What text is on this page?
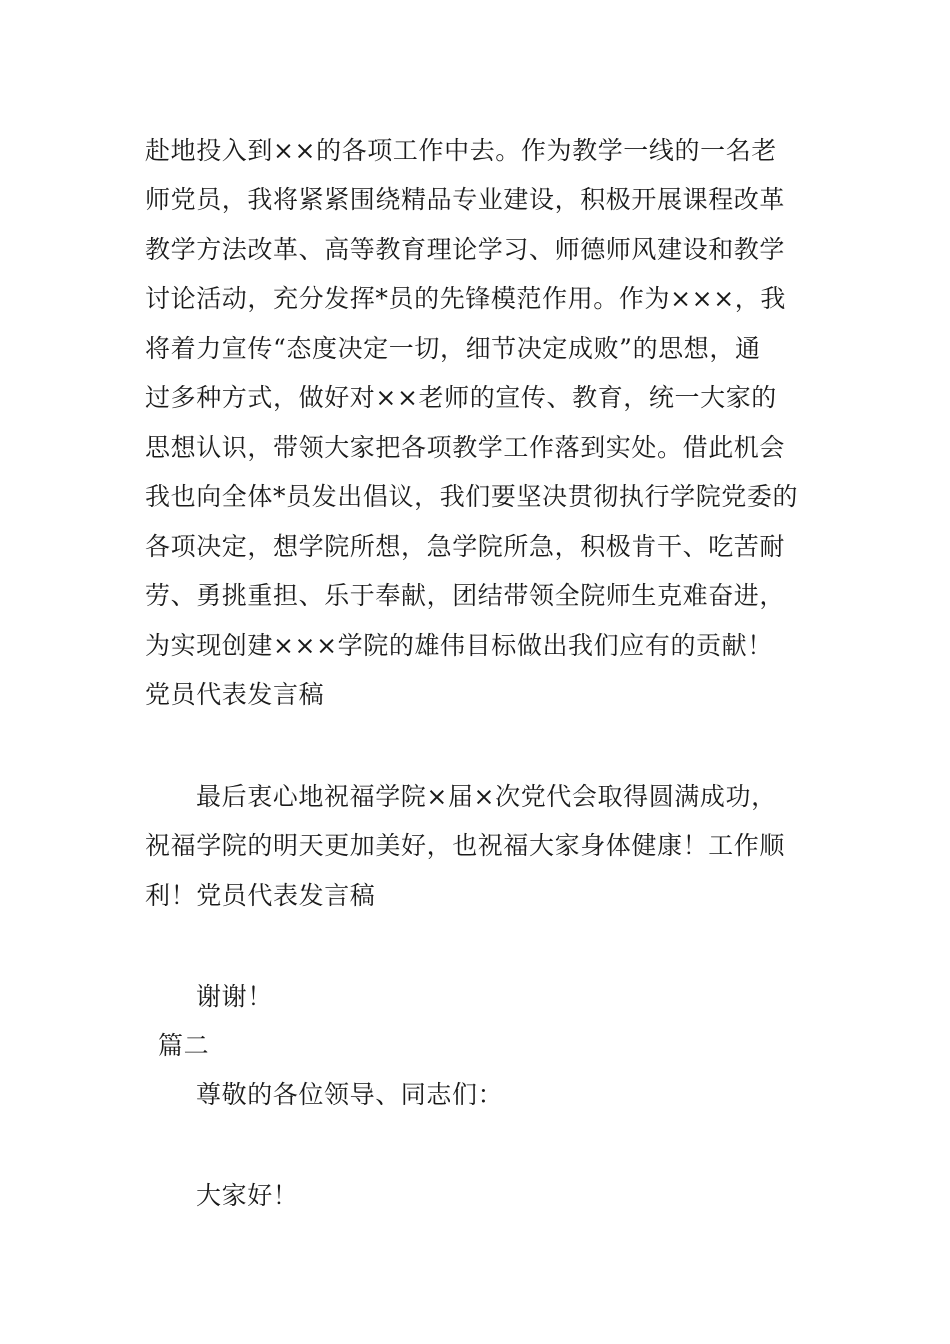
赴地投入到××的各项工作中去。作为教学一线的一名老
师党员，我将紧紧围绕精品专业建设，积极开展课程改革
教学方法改革、高等教育理论学习、师德师风建设和教学
讨论活动，充分发挥*员的先锋模范作用。作为×××，我
将着力宣传“态度决定一切，细节决定成败”的思想，通
过多种方式，做好对××老师的宣传、教育，统一大家的
思想认识，带领大家把各项教学工作落到实处。借此机会
我也向全体*员发出倡议，我们要坚决贯彻执行学院党委的
各项决定，想学院所想，急学院所急，积极肯干、吃苦耐
劳、勇挑重担、乐于奉献，团结带领全院师生克难奋进，
为实现创建×××学院的雄伟目标做出我们应有的贡献！
党员代表发言稿
最后衷心地祝福学院×届×次党代会取得圆满成功，
祝福学院的明天更加美好，也祝福大家身体健康！工作顺
利！党员代表发言稿
谢谢！
篇二
尊敬的各位领导、同志们：
大家好！
